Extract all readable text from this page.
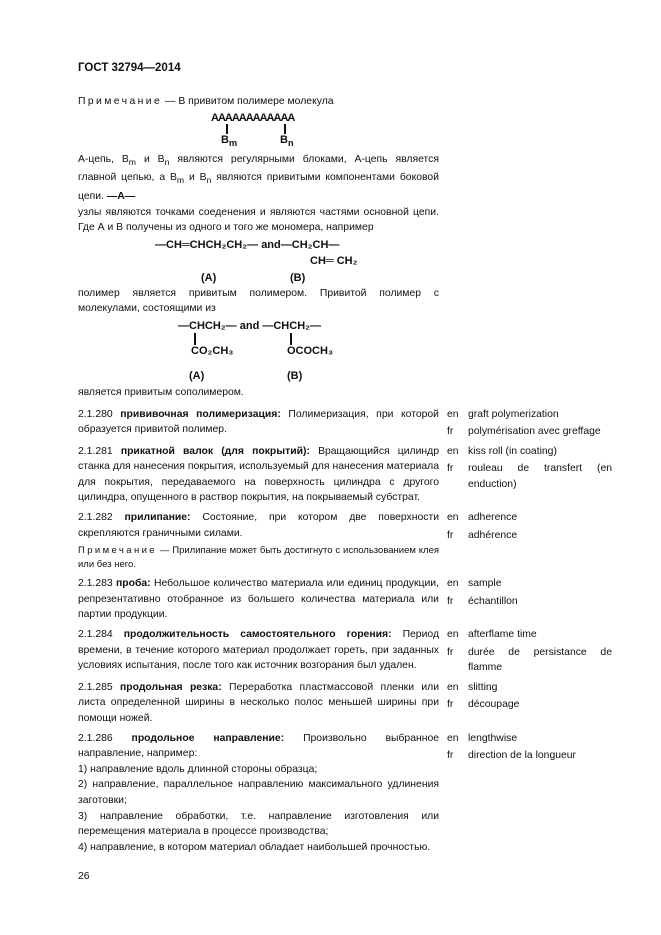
ГОСТ 32794—2014
Примечание — В привитом полимере молекула
AAAAAAAAAAAA
$B_m$	$B_n$
А-цепь, $B_m$ и $B_n$ являются регулярными блоками, А-цепь является главной цепью, а $B_m$ и $B_n$ являются привитыми компонентами боковой цепи. —A—
узлы являются точками соеденения и являются частями основной цепи. Где А и В получены из одного и того же мономера, например
—CH═CHCH₂CH₂— and—CH₂CH—
CH═ CH₂
(A)	(B)
полимер является привитым полимером. Привитой полимер с молекулами, состоящими из
—CHCH₂— and —CHCH₂—
CO₂CH₃	OCOCH₃
(A)	(B)
является привитым сополимером.
2.1.280 прививочная полимеризация: Полимеризация, при которой образуется привитой полимер.
en graft polymerization
fr	polymérisation avec greffage
2.1.281 прикатной валок (для покрытий): Вращающийся цилиндр станка для нанесения покрытия, используемый для нанесения материала для покрытия, передаваемого на поверхность цилиндра с другого цилиндра, опущенного в раствор покрытия, на покрываемый субстрат.
en kiss roll (in coating)
fr	rouleau de transfert (en enduction)
2.1.282 прилипание: Состояние, при котором две поверхности скрепляются граничными силами.
Примечание — Прилипание может быть достигнуто с использованием клея или без него.
en adherence
fr	adhérence
2.1.283 проба: Небольшое количество материала или единиц продукции, репрезентативно отобранное из большего количества материала или партии продукции.
en sample
fr	échantillon
2.1.284 продолжительность самостоятельного горения: Период времени, в течение которого материал продолжает гореть, при заданных условиях испытания, после того как источник возгорания был удален.
en afterflame time
fr	durée de persistance de flamme
2.1.285 продольная резка: Переработка пластмассовой пленки или листа определенной ширины в несколько полос меньшей ширины при помощи ножей.
en slitting
fr	découpage
2.1.286 продольное направление: Произвольно выбранное направление, например:
1) направление вдоль длинной стороны образца;
2) направление, параллельное направлению максимального удлинения заготовки;
3) направление обработки, т.е. направление изготовления или перемещения материала в процессе производства;
4) направление, в котором материал обладает наибольшей прочностью.
en lengthwise
fr	direction de la longueur
26
